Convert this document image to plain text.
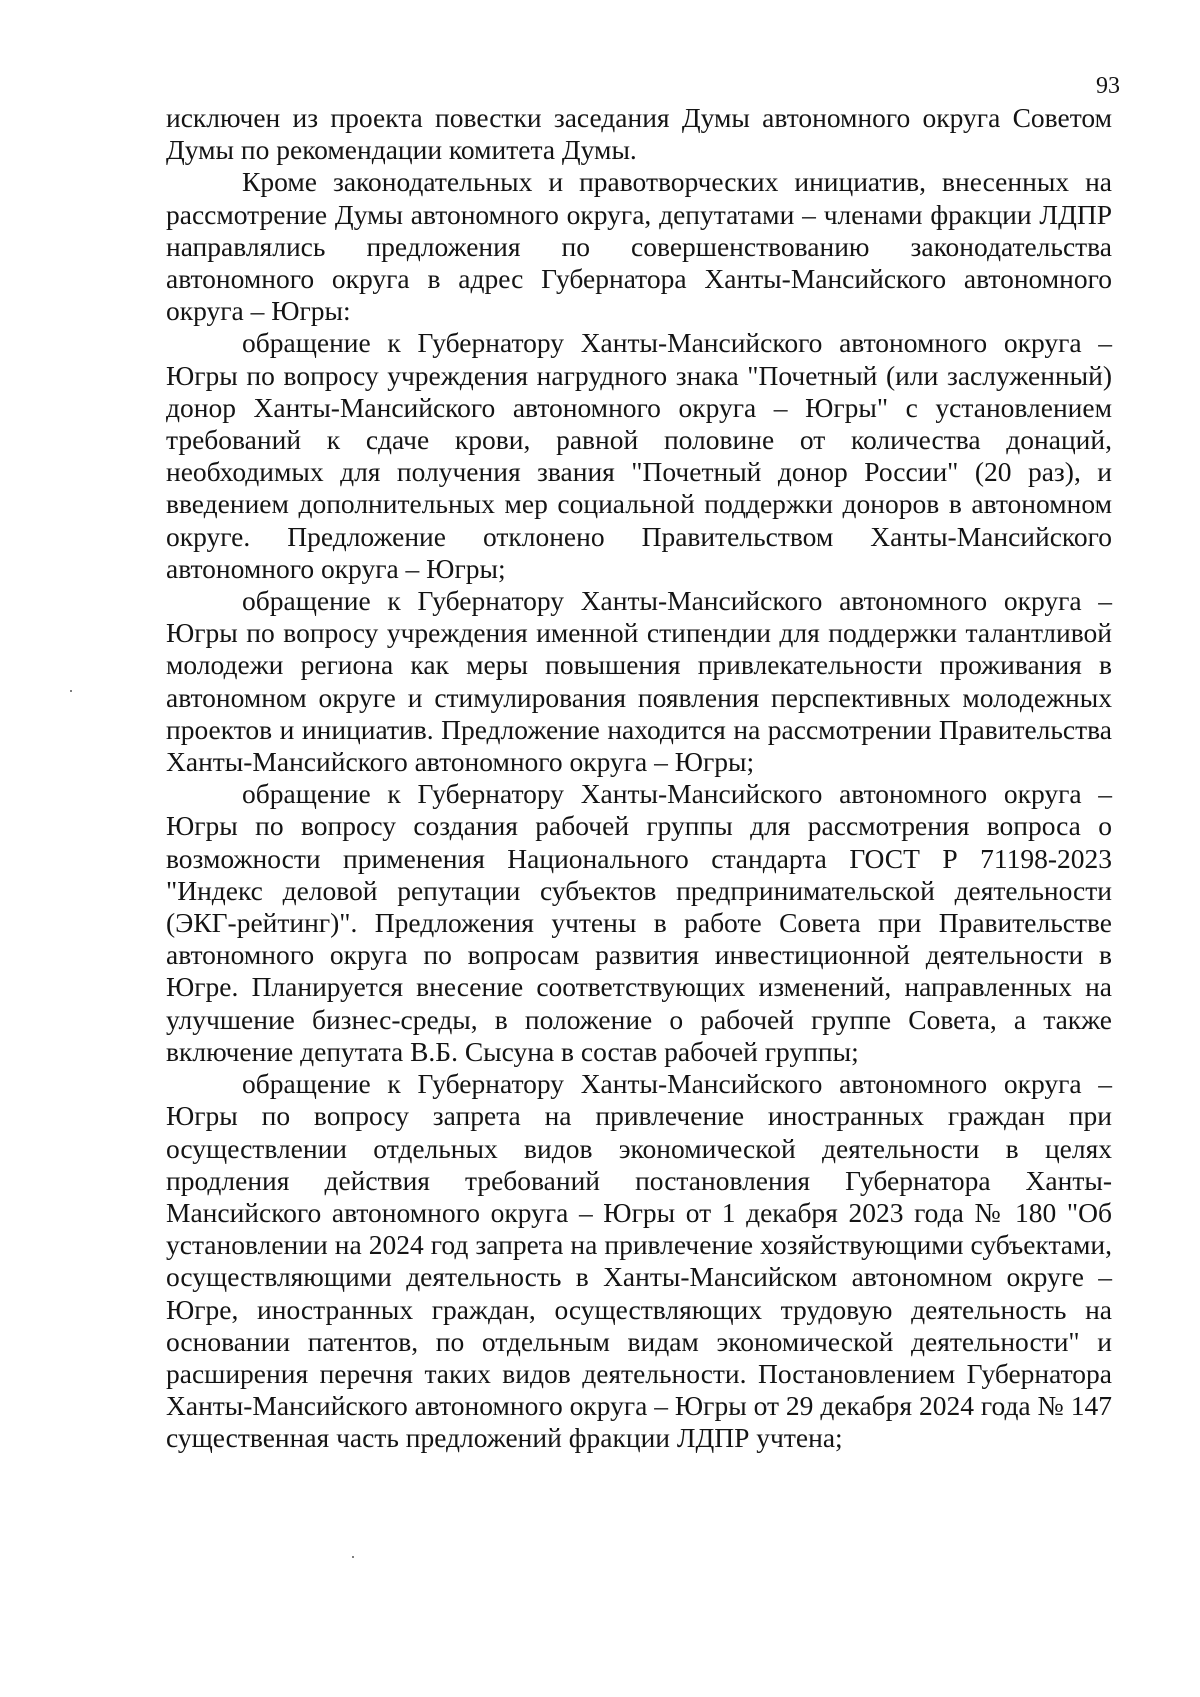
93

исключен из проекта повестки заседания Думы автономного округа Советом Думы по рекомендации комитета Думы.

Кроме законодательных и правотворческих инициатив, внесенных на рассмотрение Думы автономного округа, депутатами – членами фракции ЛДПР направлялись предложения по совершенствованию законодательства автономного округа в адрес Губернатора Ханты-Мансийского автономного округа – Югры:

обращение к Губернатору Ханты-Мансийского автономного округа – Югры по вопросу учреждения нагрудного знака "Почетный (или заслуженный) донор Ханты-Мансийского автономного округа – Югры" с установлением требований к сдаче крови, равной половине от количества донаций, необходимых для получения звания "Почетный донор России" (20 раз), и введением дополнительных мер социальной поддержки доноров в автономном округе. Предложение отклонено Правительством Ханты-Мансийского автономного округа – Югры;

обращение к Губернатору Ханты-Мансийского автономного округа – Югры по вопросу учреждения именной стипендии для поддержки талантливой молодежи региона как меры повышения привлекательности проживания в автономном округе и стимулирования появления перспективных молодежных проектов и инициатив. Предложение находится на рассмотрении Правительства Ханты-Мансийского автономного округа – Югры;

обращение к Губернатору Ханты-Мансийского автономного округа – Югры по вопросу создания рабочей группы для рассмотрения вопроса о возможности применения Национального стандарта ГОСТ Р 71198-2023 "Индекс деловой репутации субъектов предпринимательской деятельности (ЭКГ-рейтинг)". Предложения учтены в работе Совета при Правительстве автономного округа по вопросам развития инвестиционной деятельности в Югре. Планируется внесение соответствующих изменений, направленных на улучшение бизнес-среды, в положение о рабочей группе Совета, а также включение депутата В.Б. Сысуна в состав рабочей группы;

обращение к Губернатору Ханты-Мансийского автономного округа – Югры по вопросу запрета на привлечение иностранных граждан при осуществлении отдельных видов экономической деятельности в целях продления действия требований постановления Губернатора Ханты-Мансийского автономного округа – Югры от 1 декабря 2023 года № 180 "Об установлении на 2024 год запрета на привлечение хозяйствующими субъектами, осуществляющими деятельность в Ханты-Мансийском автономном округе – Югре, иностранных граждан, осуществляющих трудовую деятельность на основании патентов, по отдельным видам экономической деятельности" и расширения перечня таких видов деятельности. Постановлением Губернатора Ханты-Мансийского автономного округа – Югры от 29 декабря 2024 года № 147 существенная часть предложений фракции ЛДПР учтена;
